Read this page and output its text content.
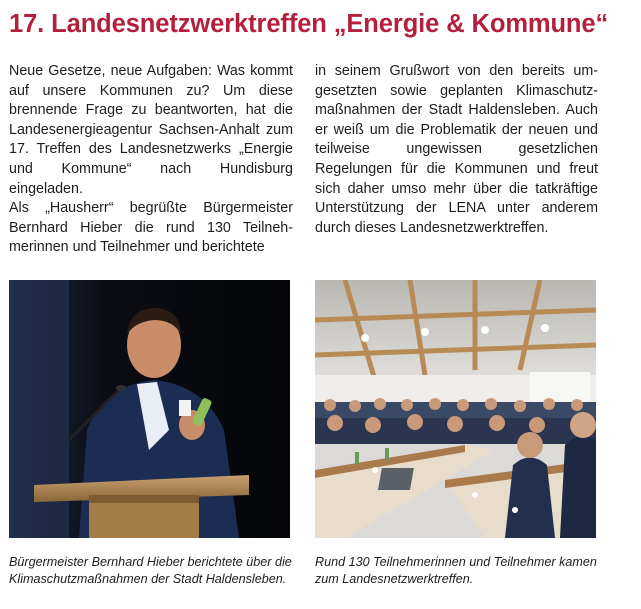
17. Landesnetzwerktreffen „Energie & Kommune“

Neue Gesetze, neue Aufgaben: Was kommt auf unsere Kommunen zu? Um diese brennende Frage zu beantworten, hat die Landesenergieagentur Sachsen-Anhalt zum 17. Treffen des Landesnetzwerks „Energie und Kommune“ nach Hundisburg eingeladen.

Als „Hausherr“ begrüßte Bürgermeister Bernhard Hieber die rund 130 Teilnehmerinnen und Teilnehmer und berichtete

in seinem Grußwort von den bereits umgesetzten sowie geplanten Klimaschutzmaßnahmen der Stadt Haldensleben. Auch er weiß um die Problematik der neuen und teilweise ungewissen gesetzlichen Regelungen für die Kommunen und freut sich daher umso mehr über die tatkräftige Unterstützung der LENA unter anderem durch dieses Landesnetzwerktreffen.

Bürgermeister Bernhard Hieber berichtete über die Klimaschutzmaßnahmen der Stadt Haldensleben.
Rund 130 Teilnehmerinnen und Teilnehmer kamen zum Landesnetzwerktreffen.
